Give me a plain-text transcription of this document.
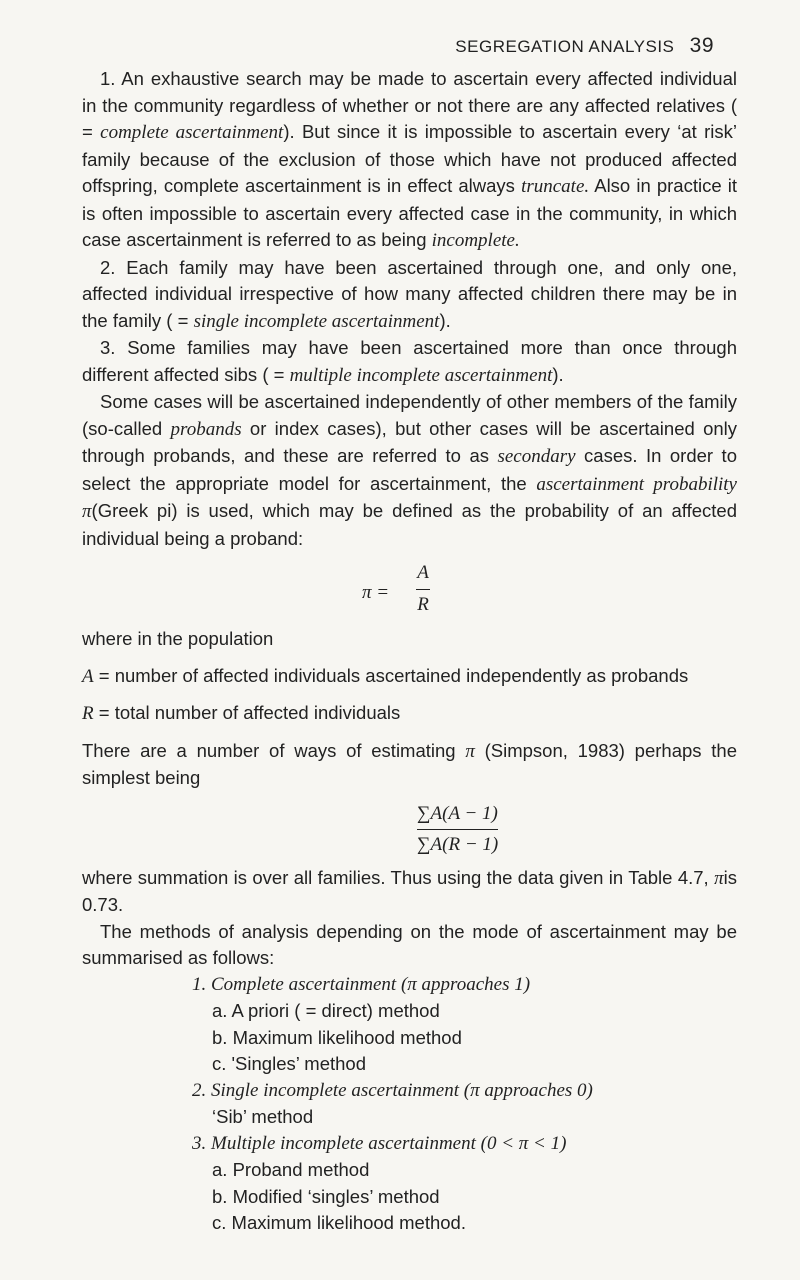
SEGREGATION ANALYSIS 39

1. An exhaustive search may be made to ascertain every affected individual in the community regardless of whether or not there are any affected relatives ( = complete ascertainment). But since it is impossible to ascertain every ‘at risk’ family because of the exclusion of those which have not produced affected offspring, complete ascertainment is in effect always truncate. Also in practice it is often impossible to ascertain every affected case in the community, in which case ascertainment is referred to as being incomplete.

2. Each family may have been ascertained through one, and only one, affected individual irrespective of how many affected children there may be in the family ( = single incomplete ascertainment).

3. Some families may have been ascertained more than once through different affected sibs ( = multiple incomplete ascertainment).

Some cases will be ascertained independently of other members of the family (so-called probands or index cases), but other cases will be ascertained only through probands, and these are referred to as secondary cases. In order to select the appropriate model for ascertainment, the ascertainment probability π(Greek pi) is used, which may be defined as the probability of an affected individual being a proband:

π =
A
R

where in the population

A = number of affected individuals ascertained independently as probands

R = total number of affected individuals

There are a number of ways of estimating π (Simpson, 1983) perhaps the simplest being

$\frac{\sum A(A - 1)}{\sum A(R - 1)}$

where summation is over all families. Thus using the data given in Table 4.7, πis 0.73.

The methods of analysis depending on the mode of ascertainment may be summarised as follows:

1. Complete ascertainment (π approaches 1)
a. A priori ( = direct) method
b. Maximum likelihood method
c. 'Singles’ method
2. Single incomplete ascertainment (π approaches 0)
‘Sib’ method
3. Multiple incomplete ascertainment (0 < π < 1)
a. Proband method
b. Modified ‘singles’ method
c. Maximum likelihood method.
